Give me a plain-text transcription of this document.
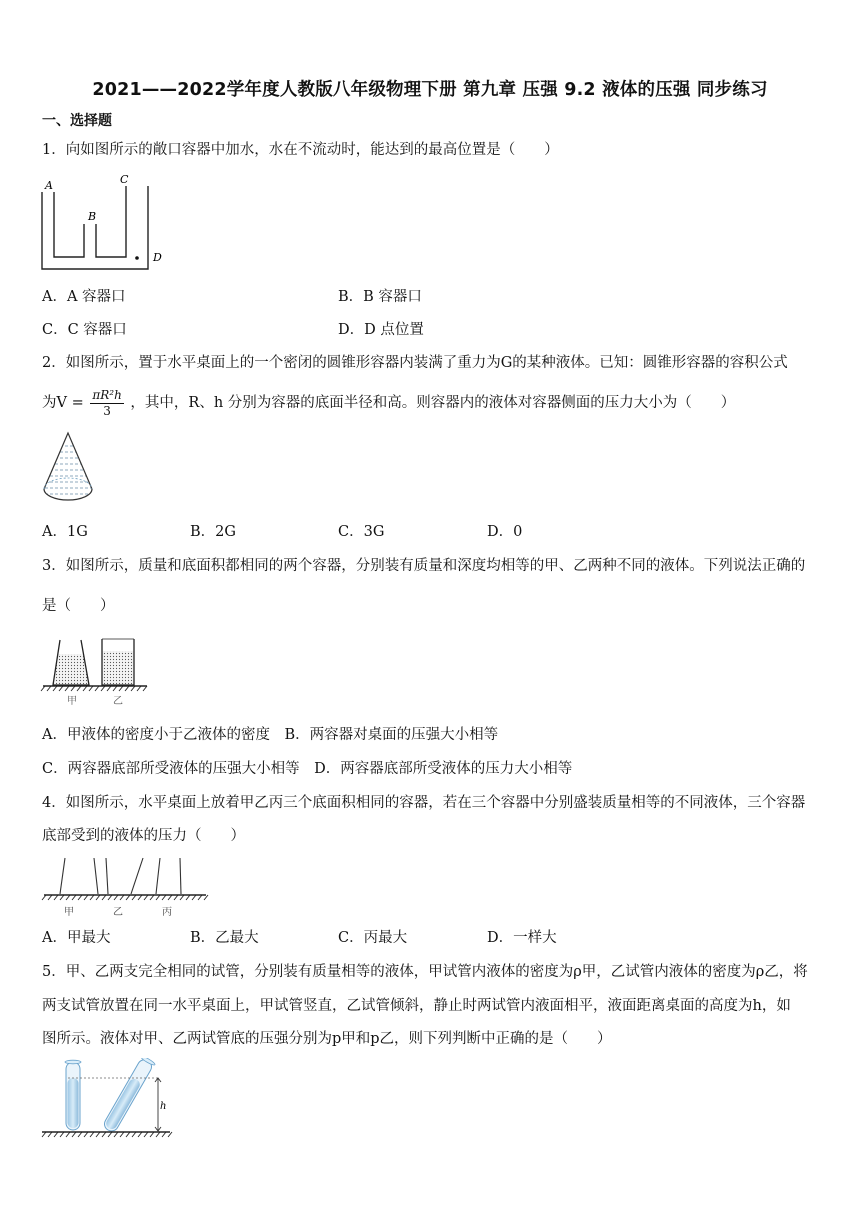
2021——2022学年度人教版八年级物理下册 第九章 压强 9.2 液体的压强 同步练习
一、选择题
1．向如图所示的敞口容器中加水，水在不流动时，能达到的最高位置是（　　）
A
B
C
D
A．A 容器口	B．B 容器口
C．C 容器口	D．D 点位置
2．如图所示，置于水平桌面上的一个密闭的圆锥形容器内装满了重力为G的某种液体。已知：圆锥形容器的容积公式
为$V = \frac{\text{πR²h}}{3}$ ，其中，R、h 分别为容器的底面半径和高。则容器内的液体对容器侧面的压力大小为（　　）
A．1G	B．2G	C．3G	D．0
3．如图所示，质量和底面积都相同的两个容器，分别装有质量和深度均相等的甲、乙两种不同的液体。下列说法正确的
是（　　）
甲	乙
A．甲液体的密度小于乙液体的密度　B．两容器对桌面的压强大小相等
C．两容器底部所受液体的压强大小相等　D．两容器底部所受液体的压力大小相等
4．如图所示，水平桌面上放着甲乙丙三个底面积相同的容器，若在三个容器中分别盛装质量相等的不同液体，三个容器
底部受到的液体的压力（　　）
甲	乙	丙
A．甲最大	B．乙最大	C．丙最大	D．一样大
5．甲、乙两支完全相同的试管，分别装有质量相等的液体，甲试管内液体的密度为ρ甲，乙试管内液体的密度为ρ乙，将
两支试管放置在同一水平桌面上，甲试管竖直，乙试管倾斜，静止时两试管内液面相平，液面距离桌面的高度为h，如
图所示。液体对甲、乙两试管底的压强分别为p甲和p乙，则下列判断中正确的是（　　）
h
